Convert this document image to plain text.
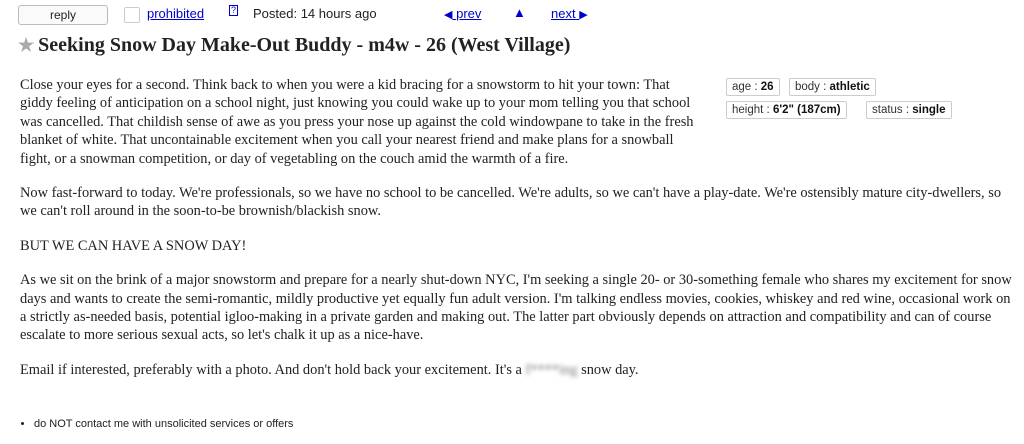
reply	prohibited	? Posted: 14 hours ago	◀ prev ▲ next ▶
★ Seeking Snow Day Make-Out Buddy - m4w - 26 (West Village)
age : 26	body : athletic
height : 6'2" (187cm)	status : single

Close your eyes for a second. Think back to when you were a kid bracing for a snowstorm to hit your town: That giddy feeling of anticipation on a school night, just knowing you could wake up to your mom telling you that school was cancelled. That childish sense of awe as you press your nose up against the cold windowpane to take in the fresh blanket of white. That uncontainable excitement when you call your nearest friend and make plans for a snowball fight, or a snowman competition, or day of vegetabling on the couch amid the warmth of a fire.

Now fast-forward to today. We're professionals, so we have no school to be cancelled. We're adults, so we can't have a play-date. We're ostensibly mature city-dwellers, so we can't roll around in the soon-to-be brownish/blackish snow.

BUT WE CAN HAVE A SNOW DAY!

As we sit on the brink of a major snowstorm and prepare for a nearly shut-down NYC, I'm seeking a single 20- or 30-something female who shares my excitement for snow days and wants to create the semi-romantic, mildly productive yet equally fun adult version. I'm talking endless movies, cookies, whiskey and red wine, occasional work on a strictly as-needed basis, potential igloo-making in a private garden and making out. The latter part obviously depends on attraction and compatibility and can of course escalate to more serious sexual acts, so let's chalk it up as a nice-have.

Email if interested, preferably with a photo. And don't hold back your excitement. It's a f****ing snow day.

• do NOT contact me with unsolicited services or offers
